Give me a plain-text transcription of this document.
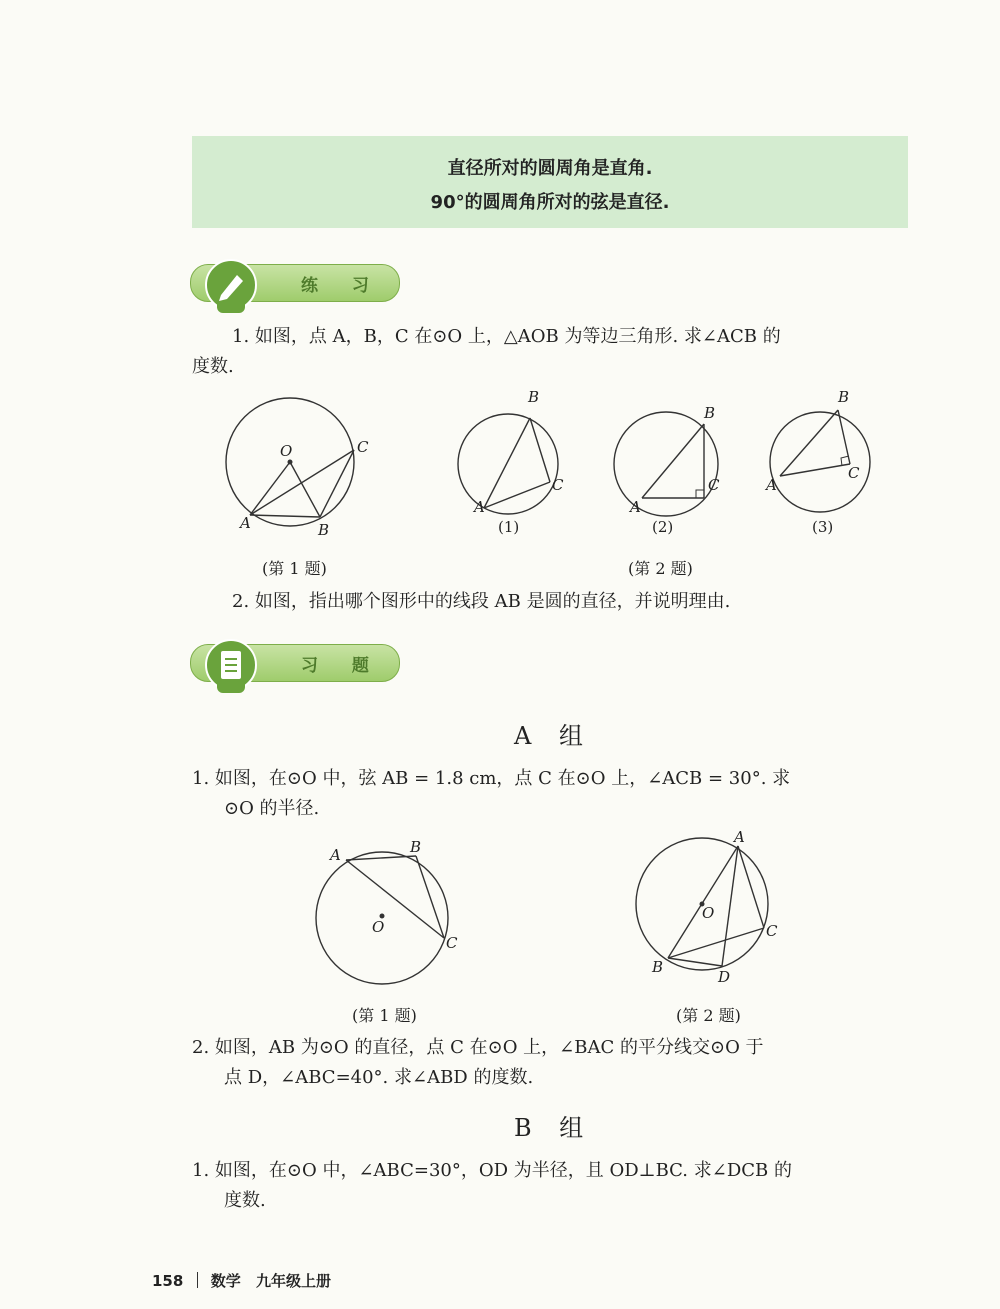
直径所对的圆周角是直角.
90°的圆周角所对的弦是直径.
练 习
1. 如图，点 A，B，C 在⊙O 上，△AOB 为等边三角形. 求∠ACB 的
度数.
O
A	B
C
(第 1 题)
B
A
C
(1)
B
A
C
(2)
B
A
C
(3)
(第 2 题)
2. 如图，指出哪个图形中的线段 AB 是圆的直径，并说明理由.
习 题
A 组
1. 如图，在⊙O 中，弦 AB = 1.8 cm，点 C 在⊙O 上，∠ACB = 30°. 求
⊙O 的半径.
A	B
C
O
(第 1 题)
A
O
C
B
D
(第 2 题)
2. 如图，AB 为⊙O 的直径，点 C 在⊙O 上，∠BAC 的平分线交⊙O 于
点 D，∠ABC=40°. 求∠ABD 的度数.
B 组
1. 如图，在⊙O 中，∠ABC=30°，OD 为半径，且 OD⊥BC. 求∠DCB 的
度数.
158 数学 九年级上册
